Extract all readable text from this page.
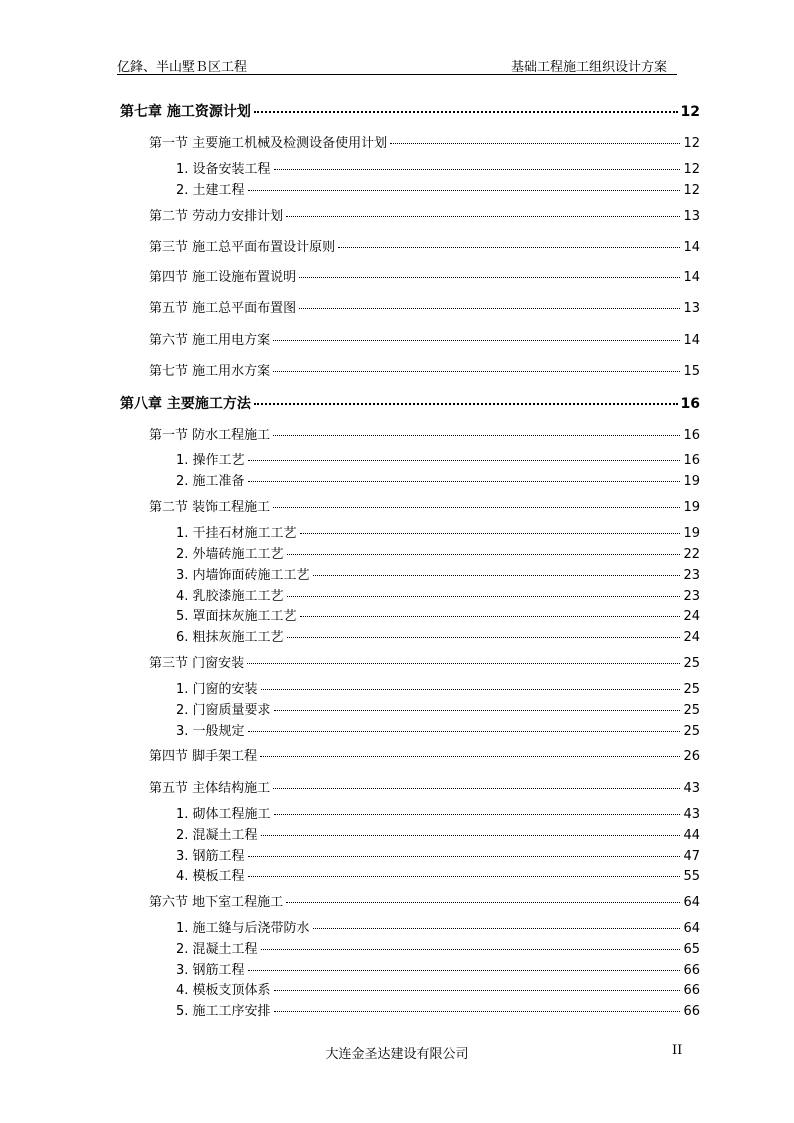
亿鋒、半山墅Ｂ区工程	基础工程施工组织设计方案
第七章 施工资源计划	12
第一节 主要施工机械及检测设备使用计划	12
1. 设备安装工程	12
2. 土建工程	12
第二节 劳动力安排计划	13
第三节 施工总平面布置设计原则	14
第四节 施工设施布置说明	14
第五节 施工总平面布置图	13
第六节 施工用电方案	14
第七节 施工用水方案	15
第八章 主要施工方法	16
第一节 防水工程施工	16
1. 操作工艺	16
2. 施工准备	19
第二节 装饰工程施工	19
1. 干挂石材施工工艺	19
2. 外墙砖施工工艺	22
3. 内墙饰面砖施工工艺	23
4. 乳胶漆施工工艺	23
5. 罩面抹灰施工工艺	24
6. 粗抹灰施工工艺	24
第三节 门窗安装	25
1. 门窗的安装	25
2. 门窗质量要求	25
3. 一般规定	25
第四节 脚手架工程	26
第五节 主体结构施工	43
1. 砌体工程施工	43
2. 混凝土工程	44
3. 钢筋工程	47
4. 模板工程	55
第六节 地下室工程施工	64
1. 施工缝与后浇带防水	64
2. 混凝土工程	65
3. 钢筋工程	66
4. 模板支顶体系	66
5. 施工工序安排	66
大连金圣达建设有限公司	II
